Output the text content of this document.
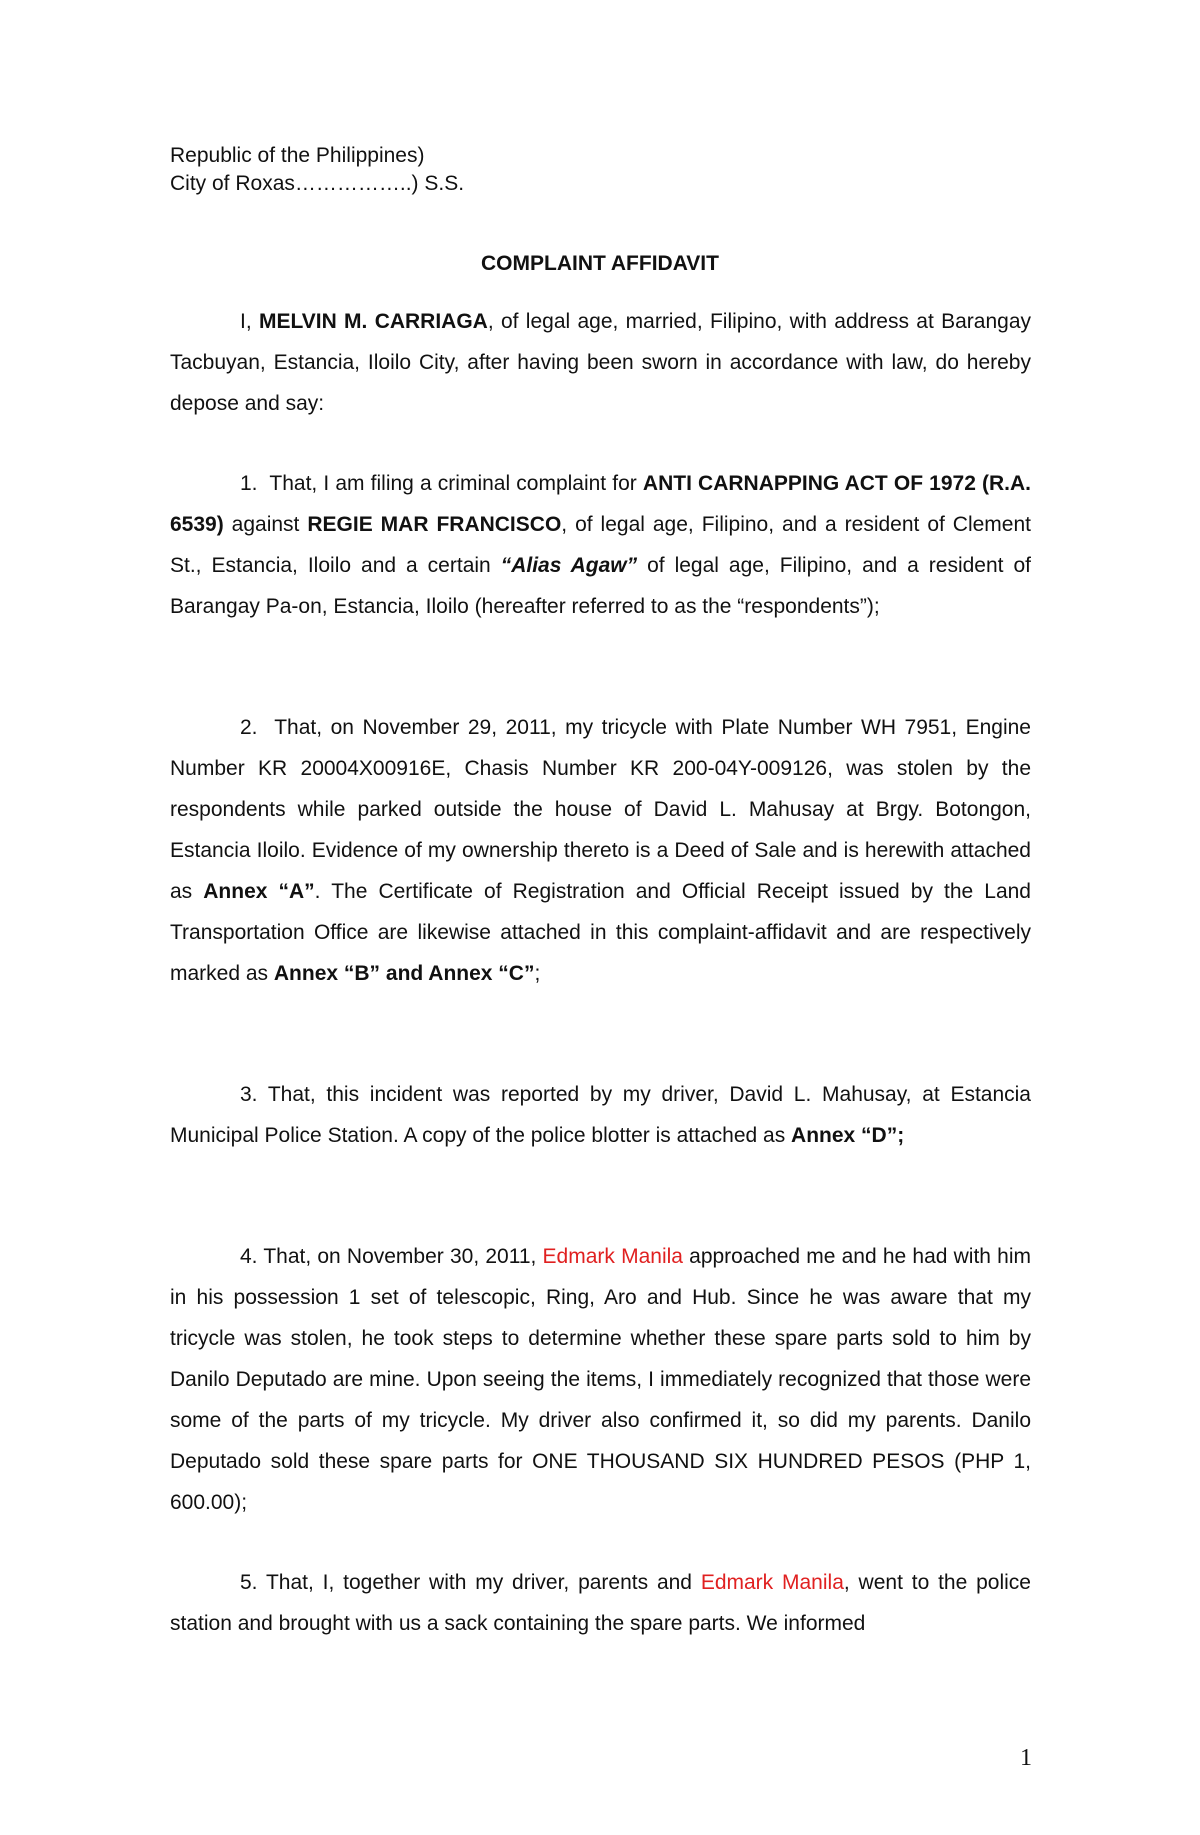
Republic of the Philippines)
City of Roxas……………..) S.S.
COMPLAINT AFFIDAVIT

I, MELVIN M. CARRIAGA, of legal age, married, Filipino, with address at Barangay Tacbuyan, Estancia, Iloilo City, after having been sworn in accordance with law, do hereby depose and say:

1. That, I am filing a criminal complaint for ANTI CARNAPPING ACT OF 1972 (R.A. 6539) against REGIE MAR FRANCISCO, of legal age, Filipino, and a resident of Clement St., Estancia, Iloilo and a certain “Alias Agaw” of legal age, Filipino, and a resident of Barangay Pa-on, Estancia, Iloilo (hereafter referred to as the “respondents”);

2. That, on November 29, 2011, my tricycle with Plate Number WH 7951, Engine Number KR 20004X00916E, Chasis Number KR 200-04Y-009126, was stolen by the respondents while parked outside the house of David L. Mahusay at Brgy. Botongon, Estancia Iloilo. Evidence of my ownership thereto is a Deed of Sale and is herewith attached as Annex “A”. The Certificate of Registration and Official Receipt issued by the Land Transportation Office are likewise attached in this complaint-affidavit and are respectively marked as Annex “B” and Annex “C”;

3. That, this incident was reported by my driver, David L. Mahusay, at Estancia Municipal Police Station. A copy of the police blotter is attached as Annex “D”;

4. That, on November 30, 2011, Edmark Manila approached me and he had with him in his possession 1 set of telescopic, Ring, Aro and Hub. Since he was aware that my tricycle was stolen, he took steps to determine whether these spare parts sold to him by Danilo Deputado are mine. Upon seeing the items, I immediately recognized that those were some of the parts of my tricycle. My driver also confirmed it, so did my parents. Danilo Deputado sold these spare parts for ONE THOUSAND SIX HUNDRED PESOS (PHP 1, 600.00);

5. That, I, together with my driver, parents and Edmark Manila, went to the police station and brought with us a sack containing the spare parts. We informed

1
